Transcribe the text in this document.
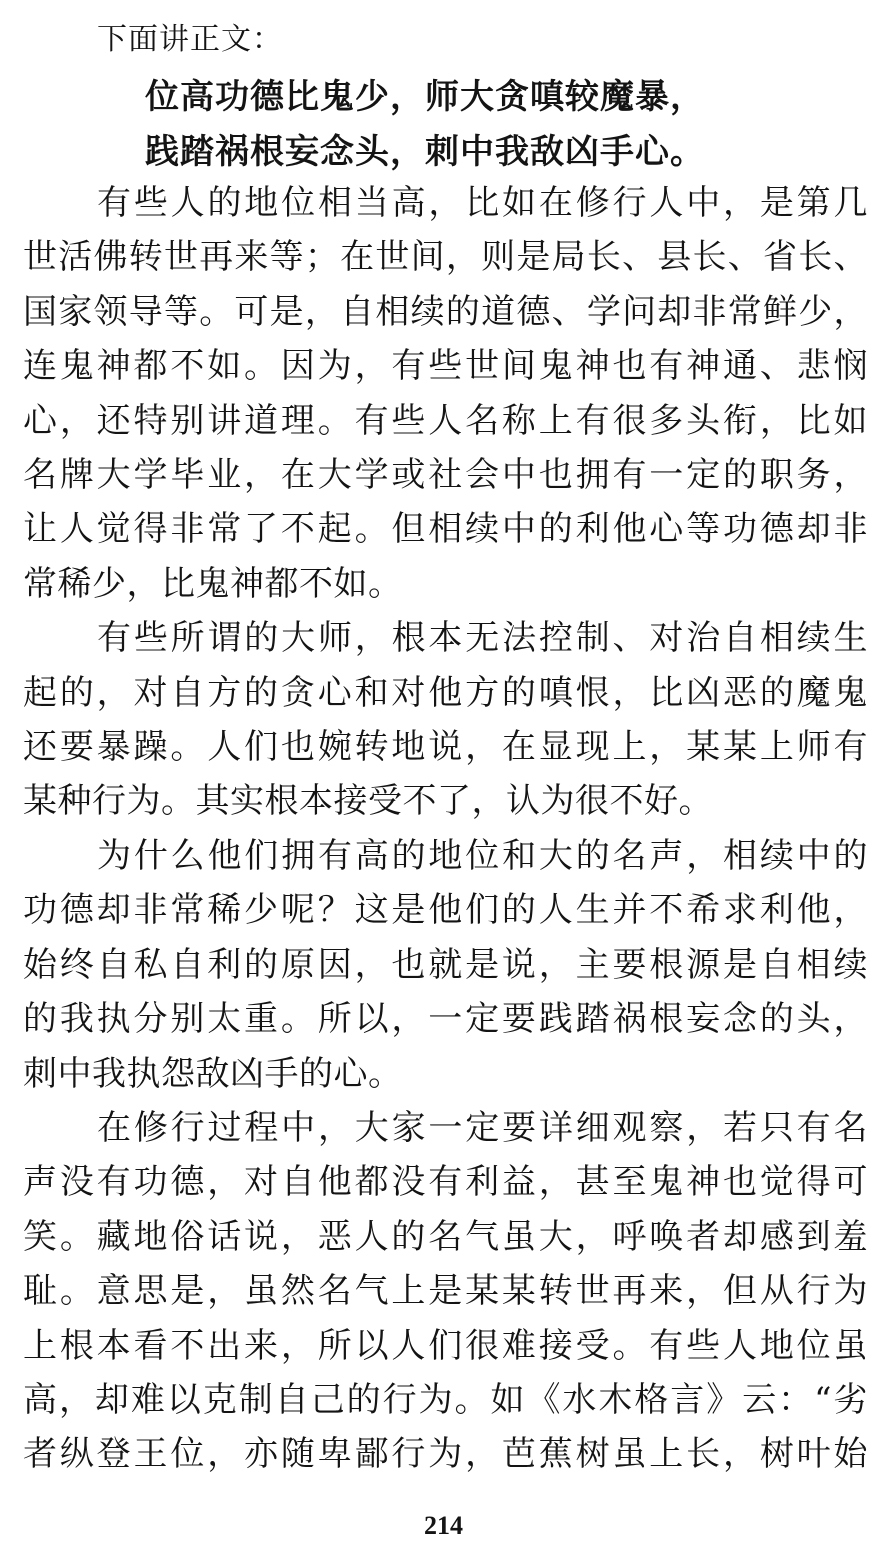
下面讲正文：
位高功德比鬼少，师大贪嗔较魔暴，
践踏祸根妄念头，刺中我敌凶手心。

有些人的地位相当高，比如在修行人中，是第几
世活佛转世再来等；在世间，则是局长、县长、省长、
国家领导等。可是，自相续的道德、学问却非常鲜少，
连鬼神都不如。因为，有些世间鬼神也有神通、悲悯
心，还特别讲道理。有些人名称上有很多头衔，比如
名牌大学毕业，在大学或社会中也拥有一定的职务，
让人觉得非常了不起。但相续中的利他心等功德却非
常稀少，比鬼神都不如。

有些所谓的大师，根本无法控制、对治自相续生
起的，对自方的贪心和对他方的嗔恨，比凶恶的魔鬼
还要暴躁。人们也婉转地说，在显现上，某某上师有
某种行为。其实根本接受不了，认为很不好。

为什么他们拥有高的地位和大的名声，相续中的
功德却非常稀少呢？这是他们的人生并不希求利他，
始终自私自利的原因，也就是说，主要根源是自相续
的我执分别太重。所以，一定要践踏祸根妄念的头，
刺中我执怨敌凶手的心。

在修行过程中，大家一定要详细观察，若只有名
声没有功德，对自他都没有利益，甚至鬼神也觉得可
笑。藏地俗话说，恶人的名气虽大，呼唤者却感到羞
耻。意思是，虽然名气上是某某转世再来，但从行为
上根本看不出来，所以人们很难接受。有些人地位虽
高，却难以克制自己的行为。如《水木格言》云：“劣
者纵登王位，亦随卑鄙行为，芭蕉树虽上长，树叶始

214
